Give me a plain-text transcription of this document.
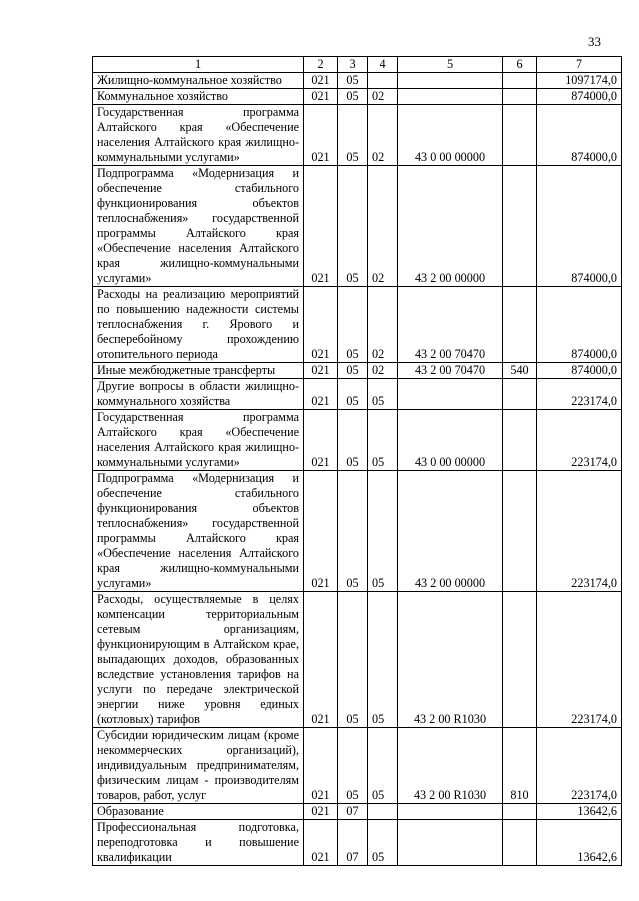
33
1	2	3	4	5	6	7
Жилищно-коммунальное хозяйство	021	05				1097174,0
Коммунальное хозяйство	021	05	02			874000,0
Государственная программа Алтайского края «Обеспечение населения Алтайского края жилищно-коммунальными услугами»	021	05	02	43 0 00 00000		874000,0
Подпрограмма «Модернизация и обеспечение стабильного функционирования объектов теплоснабжения» государственной программы Алтайского края «Обеспечение населения Алтайского края жилищно-коммунальными услугами»	021	05	02	43 2 00 00000		874000,0
Расходы на реализацию мероприятий по повышению надежности системы теплоснабжения г. Ярового и бесперебойному прохождению отопительного периода	021	05	02	43 2 00 70470		874000,0
Иные межбюджетные трансферты	021	05	02	43 2 00 70470	540	874000,0
Другие вопросы в области жилищно-коммунального хозяйства	021	05	05			223174,0
Государственная программа Алтайского края «Обеспечение населения Алтайского края жилищно-коммунальными услугами»	021	05	05	43 0 00 00000		223174,0
Подпрограмма «Модернизация и обеспечение стабильного функционирования объектов теплоснабжения» государственной программы Алтайского края «Обеспечение населения Алтайского края жилищно-коммунальными услугами»	021	05	05	43 2 00 00000		223174,0
Расходы, осуществляемые в целях компенсации территориальным сетевым организациям, функционирующим в Алтайском крае, выпадающих доходов, образованных вследствие установления тарифов на услуги по передаче электрической энергии ниже уровня единых (котловых) тарифов	021	05	05	43 2 00 R1030		223174,0
Субсидии юридическим лицам (кроме некоммерческих организаций), индивидуальным предпринимателям, физическим лицам - производителям товаров, работ, услуг	021	05	05	43 2 00 R1030	810	223174,0
Образование	021	07				13642,6
Профессиональная подготовка, переподготовка и повышение квалификации	021	07	05			13642,6
